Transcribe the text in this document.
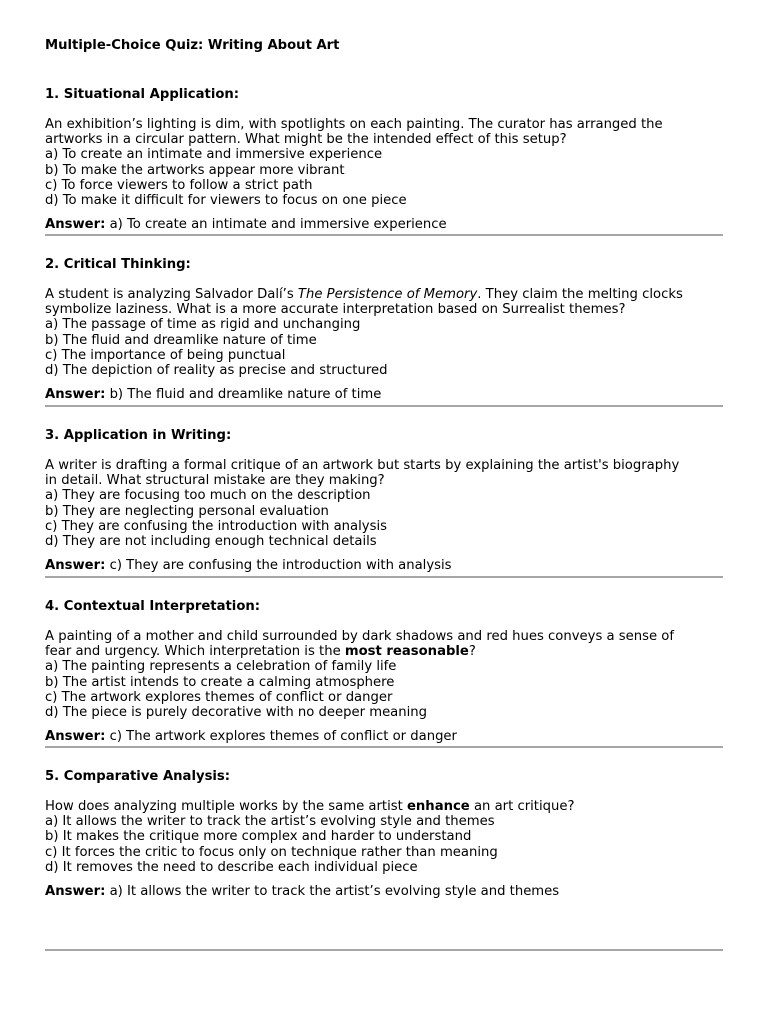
Multiple-Choice Quiz: Writing About Art
1. Situational Application:
An exhibition’s lighting is dim, with spotlights on each painting. The curator has arranged the
artworks in a circular pattern. What might be the intended effect of this setup?
a) To create an intimate and immersive experience
b) To make the artworks appear more vibrant
c) To force viewers to follow a strict path
d) To make it difficult for viewers to focus on one piece
Answer: a) To create an intimate and immersive experience
2. Critical Thinking:
A student is analyzing Salvador Dalí’s The Persistence of Memory. They claim the melting clocks
symbolize laziness. What is a more accurate interpretation based on Surrealist themes?
a) The passage of time as rigid and unchanging
b) The fluid and dreamlike nature of time
c) The importance of being punctual
d) The depiction of reality as precise and structured
Answer: b) The fluid and dreamlike nature of time
3. Application in Writing:
A writer is drafting a formal critique of an artwork but starts by explaining the artist's biography
in detail. What structural mistake are they making?
a) They are focusing too much on the description
b) They are neglecting personal evaluation
c) They are confusing the introduction with analysis
d) They are not including enough technical details
Answer: c) They are confusing the introduction with analysis
4. Contextual Interpretation:
A painting of a mother and child surrounded by dark shadows and red hues conveys a sense of
fear and urgency. Which interpretation is the most reasonable?
a) The painting represents a celebration of family life
b) The artist intends to create a calming atmosphere
c) The artwork explores themes of conflict or danger
d) The piece is purely decorative with no deeper meaning
Answer: c) The artwork explores themes of conflict or danger
5. Comparative Analysis:
How does analyzing multiple works by the same artist enhance an art critique?
a) It allows the writer to track the artist’s evolving style and themes
b) It makes the critique more complex and harder to understand
c) It forces the critic to focus only on technique rather than meaning
d) It removes the need to describe each individual piece
Answer: a) It allows the writer to track the artist’s evolving style and themes
